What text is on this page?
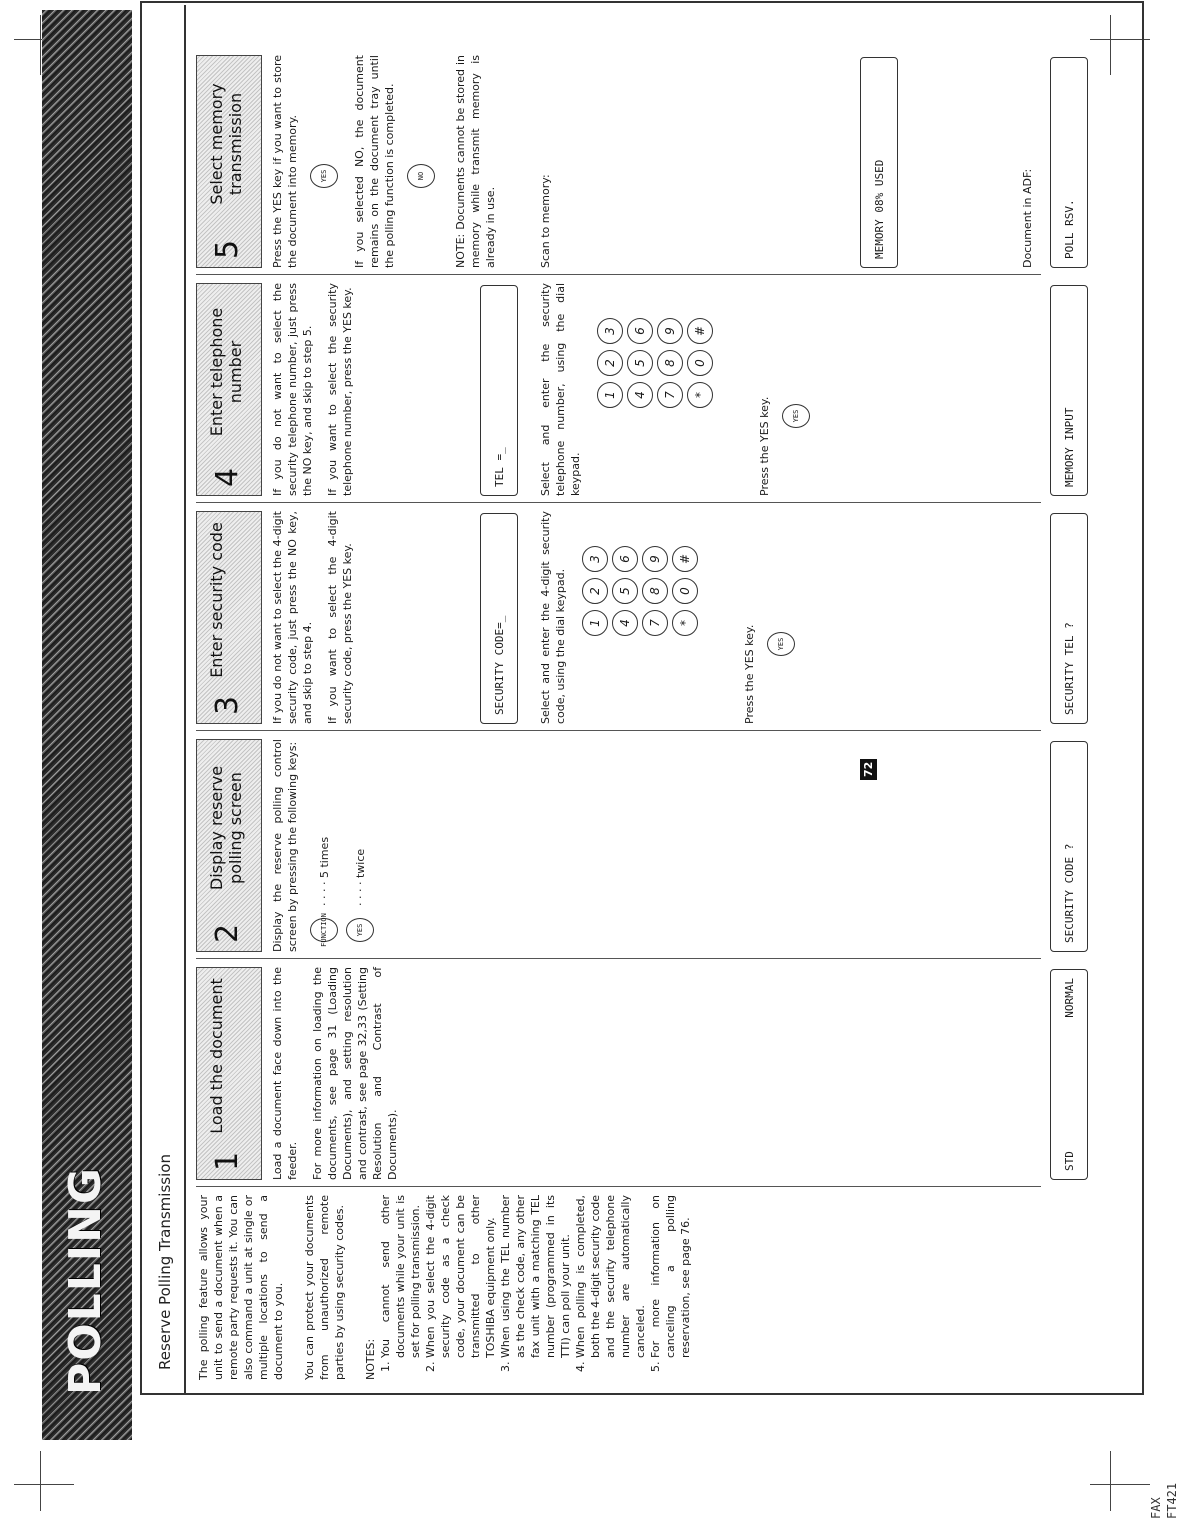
FAX FT421
POLLING	Reserve Polling Transmission The polling feature allows your unit to send a document when a remote party requests it. You can also command a unit at single or multiple locations to send a document to you. You can protect your documents from unauthorized remote parties by using security codes. NOTES:

1. You cannot send other documents while your unit is set for polling transmission. 2. When you select the 4-digit security code as a check code, your document can be transmitted to other TOSHIBA equipment only. 3. When using the TEL number as the check code, any other fax unit with a matching TEL number (programmed in its TTI) can poll your unit. 4. When polling is completed, both the 4-digit security code and the security telephone number are automatically canceled. 5. For more information on canceling a polling reservation, see page 76.
1
Load the document	Load a document face down into the feeder. For more information on loading the documents, see page 31 (Loading Documents), and setting resolution and contrast, see page 32,33 (Setting Resolution and Contrast of Documents).	STD
NORMAL
2
Display reserve polling screen Display the reserve polling control screen by pressing the following keys:	FUNCTION
· · · · 5 times
YES
· · · · twice	SECURITY CODE ?
3
Enter security code	If you do not want to select the 4-digit security code, just press the NO key, and skip to step 4. If you want to select the 4-digit security code, press the YES key.	SECURITY CODE=_	Select and enter the 4-digit security code, using the dial keypad.	1
2
3
4
5
6
7
8
9
*
0
#

Press the YES key.	YES	SECURITY TEL ?
4
Enter telephone number If you do not want to select the security telephone number, just press the NO key, and skip to step 5. If you want to select the security telephone number, press the YES key.	TEL =_	Select and enter the security telephone number, using the dial keypad.

1
2
3
4
5
6
7
8
9
*
0
#

Press the YES key.	YES	MEMORY INPUT
5
Select memory transmission Press the YES key if you want to store the document into memory.	YES	If you selected NO, the document remains on the document tray until the polling function is completed.	NO	NOTE: Documents cannot be stored in memory while transmit memory is already in use.	Scan to memory:	MEMORY 08% USED	Document in ADF:	POLL RSV.
72
